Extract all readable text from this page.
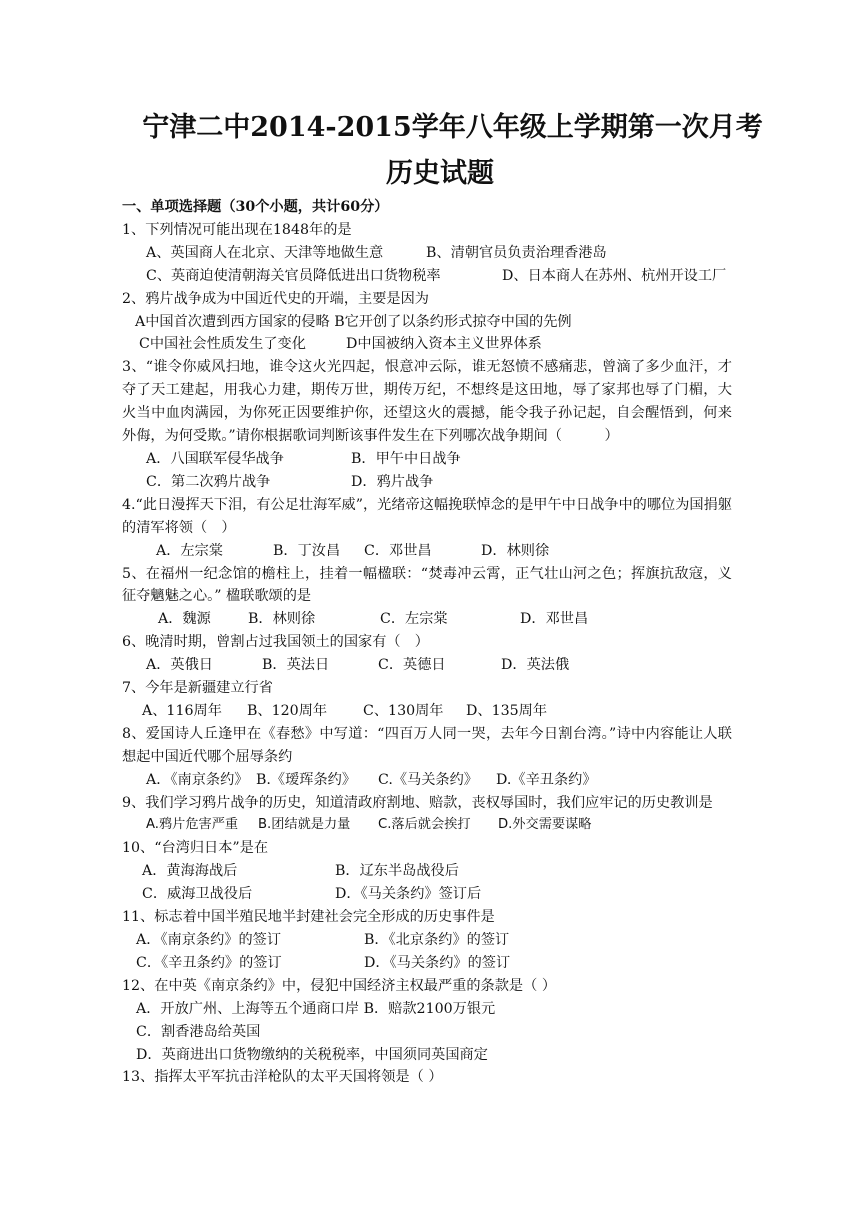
宁津二中2014-2015学年八年级上学期第一次月考
历史试题
一、单项选择题（30个小题，共计60分）
1、下列情况可能出现在1848年的是
A、英国商人在北京、天津等地做生意	B、清朝官员负责治理香港岛
C、英商迫使清朝海关官员降低进出口货物税率	D、日本商人在苏州、杭州开设工厂
2、鸦片战争成为中国近代史的开端，主要是因为
A中国首次遭到西方国家的侵略 B它开创了以条约形式掠夺中国的先例
C中国社会性质发生了变化	D中国被纳入资本主义世界体系
3、“谁令你威风扫地，谁令这火光四起，恨意冲云际，谁无怒愤不感痛悲，曾滴了多少血汗，才夺了天工建起，用我心力建，期传万世，期传万纪，不想终是这田地，辱了家邦也辱了门楣，大火当中血肉满园，为你死正因要维护你，还望这火的震撼，能令我子孙记起，自会醒悟到，何来外侮，为何受欺。”请你根据歌词判断该事件发生在下列哪次战争期间（　　　）
A．八国联军侵华战争	B．甲午中日战争
C．第二次鸦片战争	D．鸦片战争
4.“此日漫挥天下泪，有公足壮海军威”，光绪帝这幅挽联悼念的是甲午中日战争中的哪位为国捐躯的清军将领（　）
A．左宗棠	B．丁汝昌	C．邓世昌	D．林则徐
5、在福州一纪念馆的檐柱上，挂着一幅楹联：“焚毒冲云霄，正气壮山河之色；挥旗抗敌寇，义征夺魑魅之心。” 楹联歌颂的是
A．魏源	B．林则徐	C．左宗棠	D．邓世昌
6、晚清时期，曾割占过我国领土的国家有（　）
A．英俄日	B．英法日	C．英德日	D．英法俄
7、今年是新疆建立行省
A、116周年	B、120周年	C、130周年	D、135周年
8、爱国诗人丘逢甲在《春愁》中写道：“四百万人同一哭，去年今日割台湾。”诗中内容能让人联想起中国近代哪个屈辱条约
A．《南京条约》 B.《瑷珲条约》	C.《马关条约》	D.《辛丑条约》
9、我们学习鸦片战争的历史，知道清政府割地、赔款，丧权辱国时，我们应牢记的历史教训是
A.鸦片危害严重	B.团结就是力量	C.落后就会挨打	D.外交需要谋略
10、“台湾归日本”是在
A．黄海海战后	B．辽东半岛战役后
C．威海卫战役后	D．《马关条约》签订后
11、标志着中国半殖民地半封建社会完全形成的历史事件是
A．《南京条约》的签订	B．《北京条约》的签订
C．《辛丑条约》的签订	D．《马关条约》的签订
12、在中英《南京条约》中，侵犯中国经济主权最严重的条款是（ ）
A．开放广州、上海等五个通商口岸 B．赔款2100万银元
C．割香港岛给英国
D．英商进出口货物缴纳的关税税率，中国须同英国商定
13、指挥太平军抗击洋枪队的太平天国将领是（ ）
